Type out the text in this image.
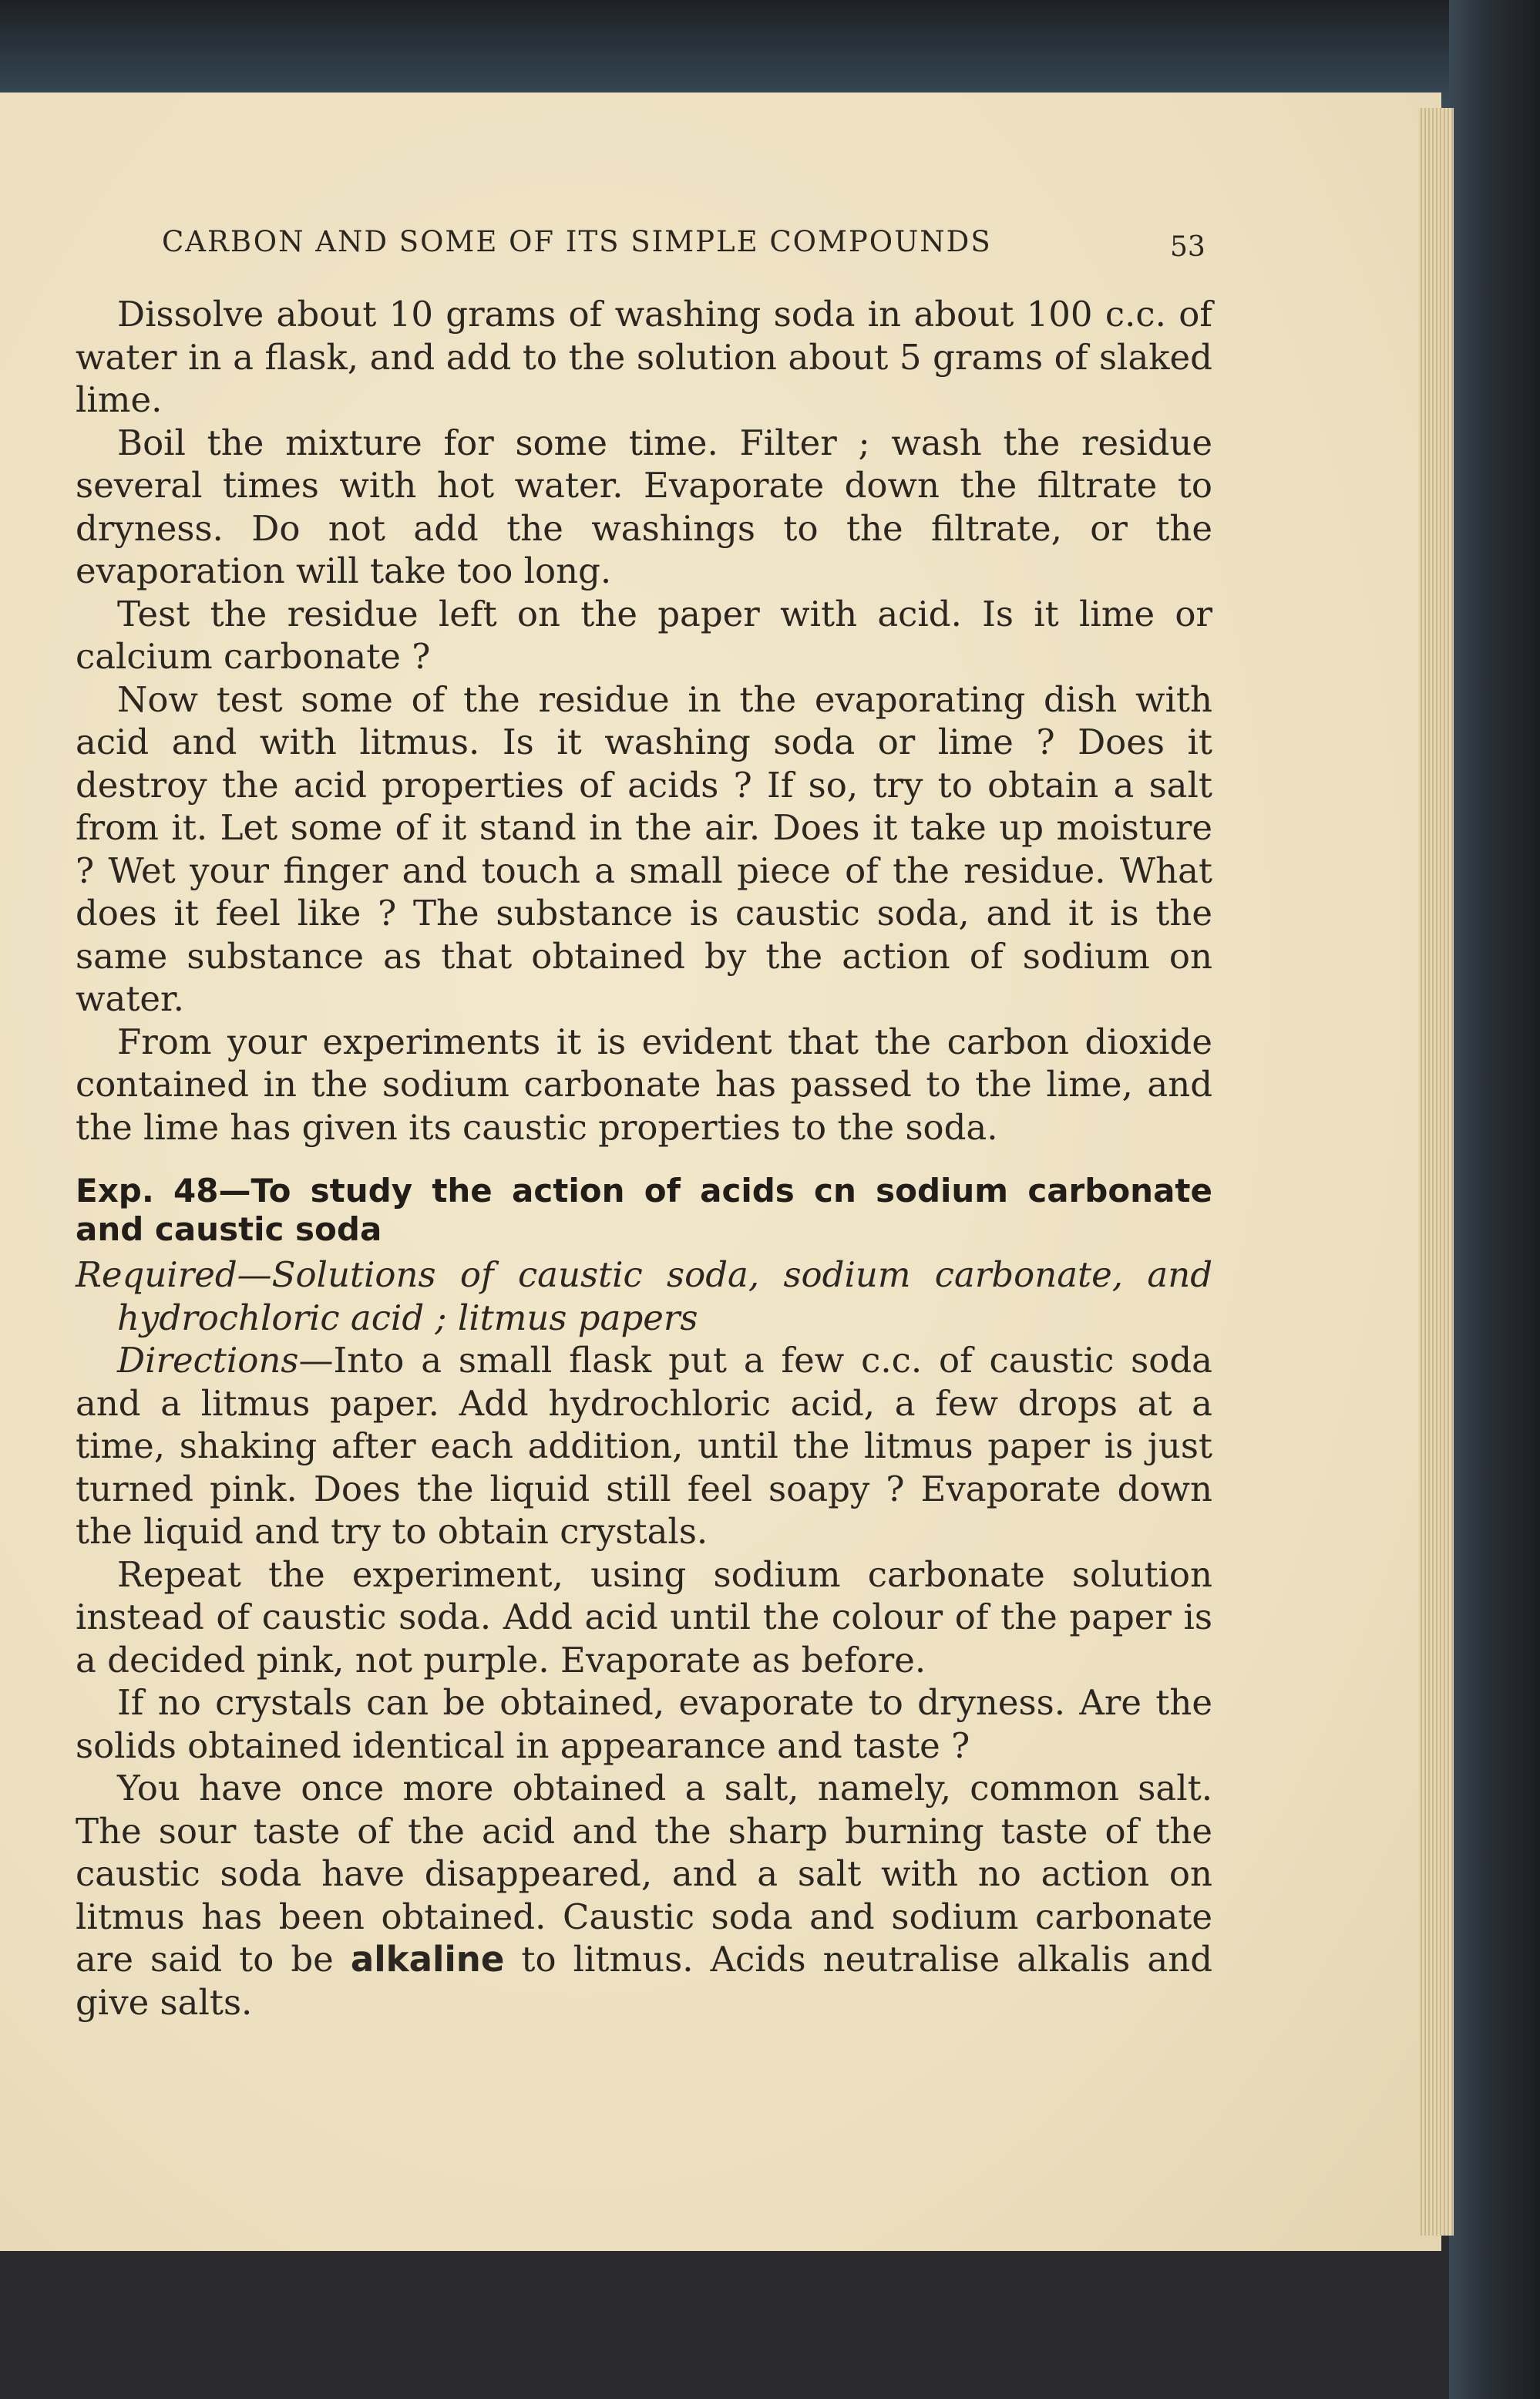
CARBON AND SOME OF ITS SIMPLE COMPOUNDS	53

Dissolve about 10 grams of washing soda in about 100 c.c. of water in a flask, and add to the solution about 5 grams of slaked lime.

Boil the mixture for some time. Filter ; wash the residue several times with hot water. Evaporate down the filtrate to dryness. Do not add the washings to the filtrate, or the evaporation will take too long.

Test the residue left on the paper with acid. Is it lime or calcium carbonate ?

Now test some of the residue in the evaporating dish with acid and with litmus. Is it washing soda or lime ? Does it destroy the acid properties of acids ? If so, try to obtain a salt from it. Let some of it stand in the air. Does it take up moisture ? Wet your finger and touch a small piece of the residue. What does it feel like ? The substance is caustic soda, and it is the same substance as that obtained by the action of sodium on water.

From your experiments it is evident that the carbon dioxide contained in the sodium carbonate has passed to the lime, and the lime has given its caustic properties to the soda.

Exp. 48—To study the action of acids cn sodium carbonate and caustic soda

Required—Solutions of caustic soda, sodium carbonate, and hydrochloric acid ; litmus papers

Directions—Into a small flask put a few c.c. of caustic soda and a litmus paper. Add hydrochloric acid, a few drops at a time, shaking after each addition, until the litmus paper is just turned pink. Does the liquid still feel soapy ? Evaporate down the liquid and try to obtain crystals.

Repeat the experiment, using sodium carbonate solution instead of caustic soda. Add acid until the colour of the paper is a decided pink, not purple. Evaporate as before.

If no crystals can be obtained, evaporate to dryness. Are the solids obtained identical in appearance and taste ?

You have once more obtained a salt, namely, common salt. The sour taste of the acid and the sharp burning taste of the caustic soda have disappeared, and a salt with no action on litmus has been obtained. Caustic soda and sodium carbonate are said to be alkaline to litmus. Acids neutralise alkalis and give salts.
